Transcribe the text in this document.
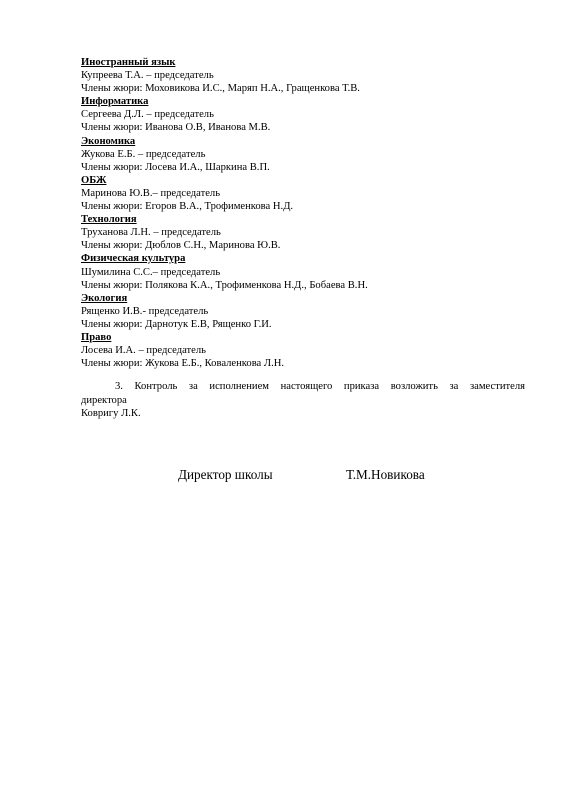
Иностранный язык
Купреева Т.А. – председатель
Члены жюри: Моховикова И.С., Маряп Н.А., Гращенкова Т.В.
Информатика
Сергеева Д.Л. – председатель
Члены жюри: Иванова О.В, Иванова М.В.
Экономика
Жукова Е.Б. – председатель
Члены жюри: Лосева И.А., Шаркина В.П.
ОБЖ
Маринова Ю.В.– председатель
Члены жюри: Егоров В.А., Трофименкова Н.Д.
Технология
Труханова Л.Н. – председатель
Члены жюри: Дюблов С.Н., Маринова Ю.В.
Физическая культура
Шумилина С.С.– председатель
Члены жюри: Полякова К.А., Трофименкова Н.Д., Бобаева В.Н.
Экология
Рященко И.В.- председатель
Члены жюри: Дарнотук Е.В, Рященко Г.И.
Право
Лосева И.А. – председатель
Члены жюри: Жукова Е.Б., Коваленкова Л.Н.
3. Контроль за исполнением настоящего приказа возложить за заместителя
директора
Ковригу Л.К.
Директор школы	Т.М.Новикова
